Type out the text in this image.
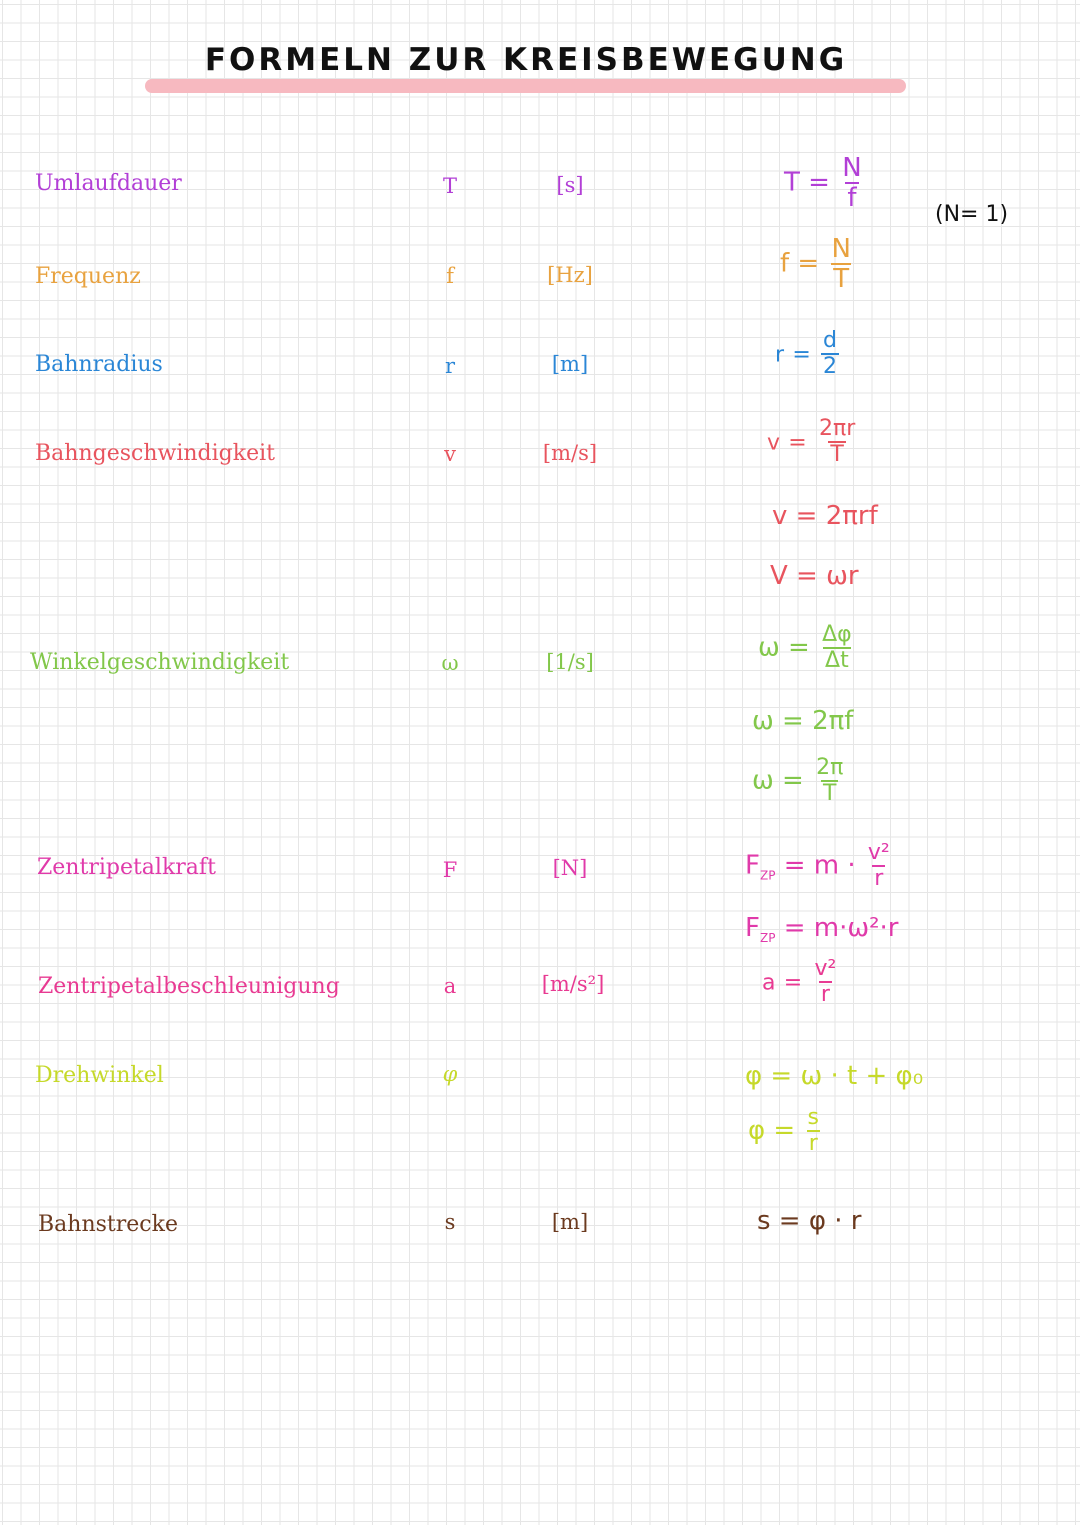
FORMELN ZUR KREISBEWEGUNG
Umlaufdauer
Frequenz
Bahnradius
Bahngeschwindigkeit
Winkelgeschwindigkeit
Zentripetalkraft
Zentripetalbeschleunigung
Drehwinkel
Bahnstrecke
T
f
r
v
ω
F
a
φ
s
[s]
[Hz]
[m]
[m/s]
[1/s]
[N]
[m/s²]
[m]
$T = \frac{N}{f}$
(N= 1)
$f = \frac{N}{T}$
$r = \frac{d}{2}$
$v = \frac{2\pi r}{T}$
v = 2πrf
V = ωr
$\omega = \frac{\Delta\varphi}{\Delta t}$
ω = 2πf
$\omega = \frac{2\pi}{T}$
$F_{ZP} = m \cdot \frac{\text{v²}}{r}$
$F_{ZP} = m\cdot\omega^2\cdot r$
$a = \frac{\text{v²}}{r}$
φ = ω · t + φ₀
$\varphi = \frac{s}{r}$
s = φ · r
